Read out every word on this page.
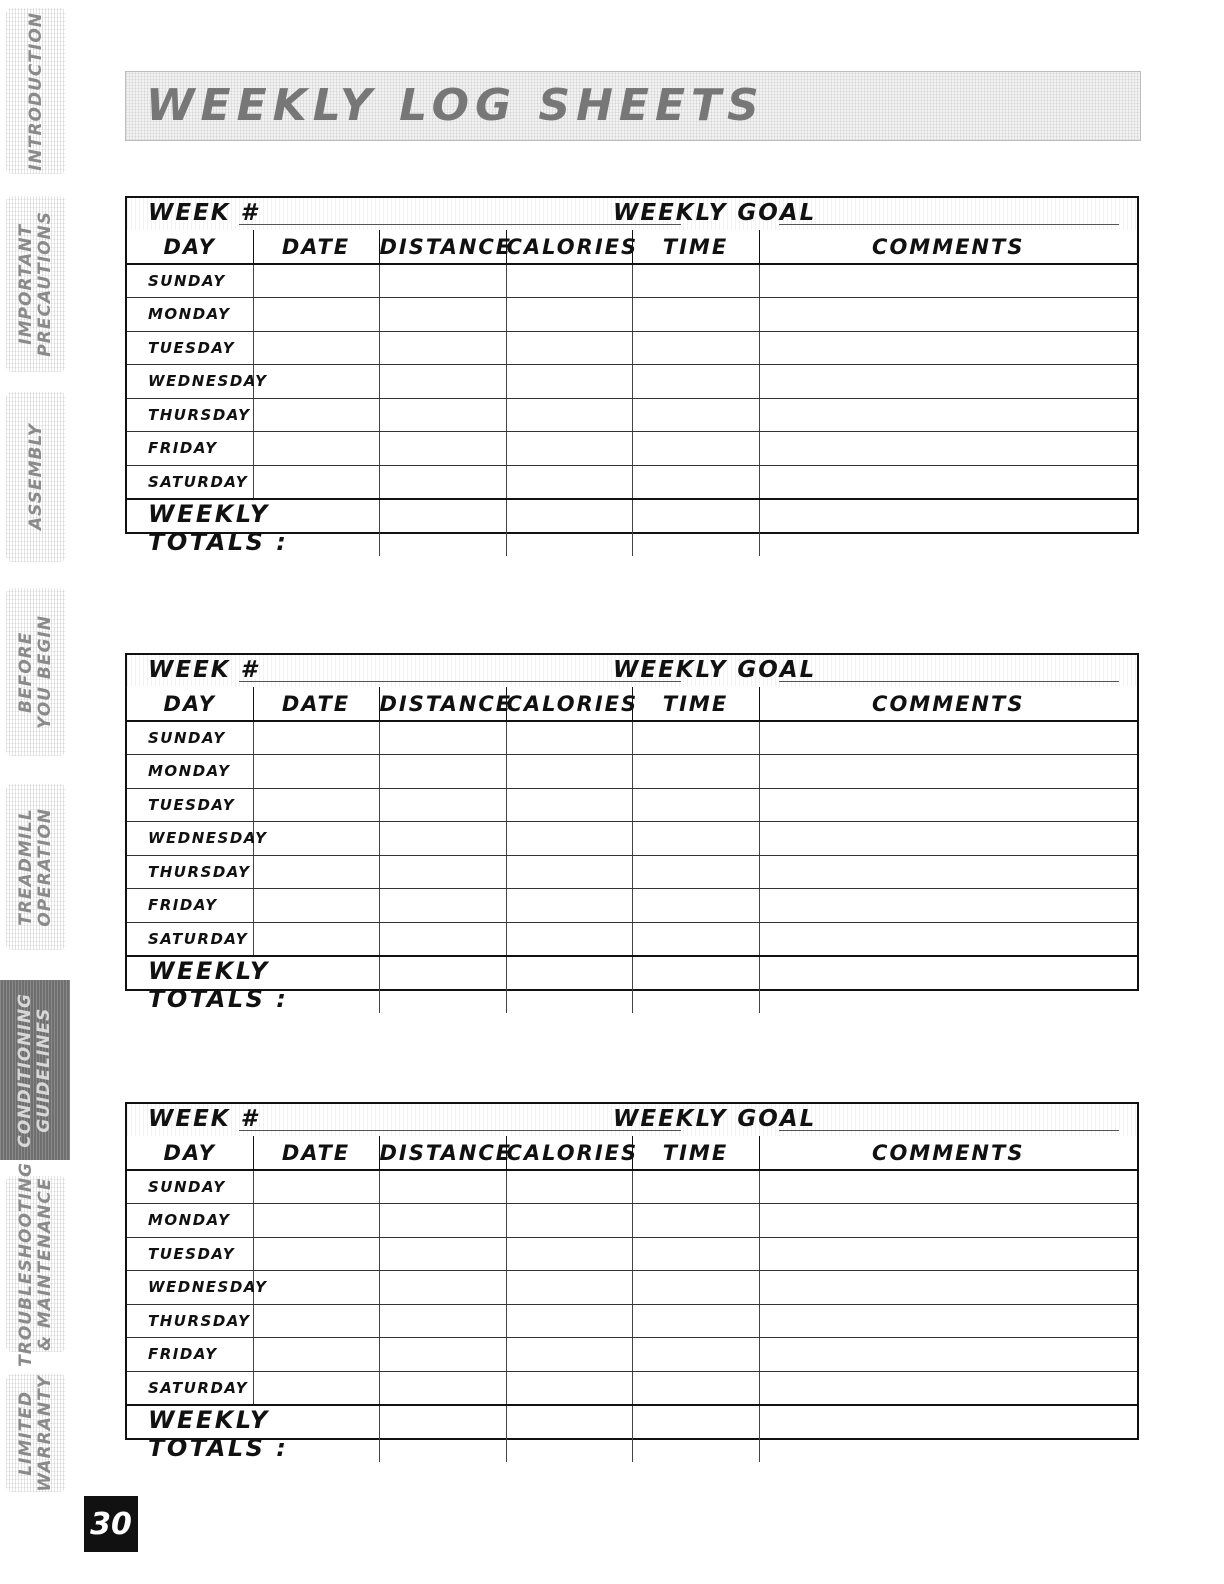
INTRODUCTION
IMPORTANT
PRECAUTIONS
ASSEMBLY
BEFORE
YOU BEGIN
TREADMILL
OPERATION
CONDITIONING
GUIDELINES
TROUBLESHOOTING
& MAINTENANCE
LIMITED
WARRANTY
WEEKLY LOG SHEETS
WEEK #	WEEKLY GOAL
DAY	DATE	DISTANCE	CALORIES	TIME	COMMENTS
SUNDAY					
MONDAY					
TUESDAY					
WEDNESDAY					
THURSDAY					
FRIDAY					
SATURDAY					
WEEKLY TOTALS :					
WEEK #	WEEKLY GOAL
DAY	DATE	DISTANCE	CALORIES	TIME	COMMENTS
SUNDAY					
MONDAY					
TUESDAY					
WEDNESDAY					
THURSDAY					
FRIDAY					
SATURDAY					
WEEKLY TOTALS :					
WEEK #	WEEKLY GOAL
DAY	DATE	DISTANCE	CALORIES	TIME	COMMENTS
SUNDAY					
MONDAY					
TUESDAY					
WEDNESDAY					
THURSDAY					
FRIDAY					
SATURDAY					
WEEKLY TOTALS :					
30
